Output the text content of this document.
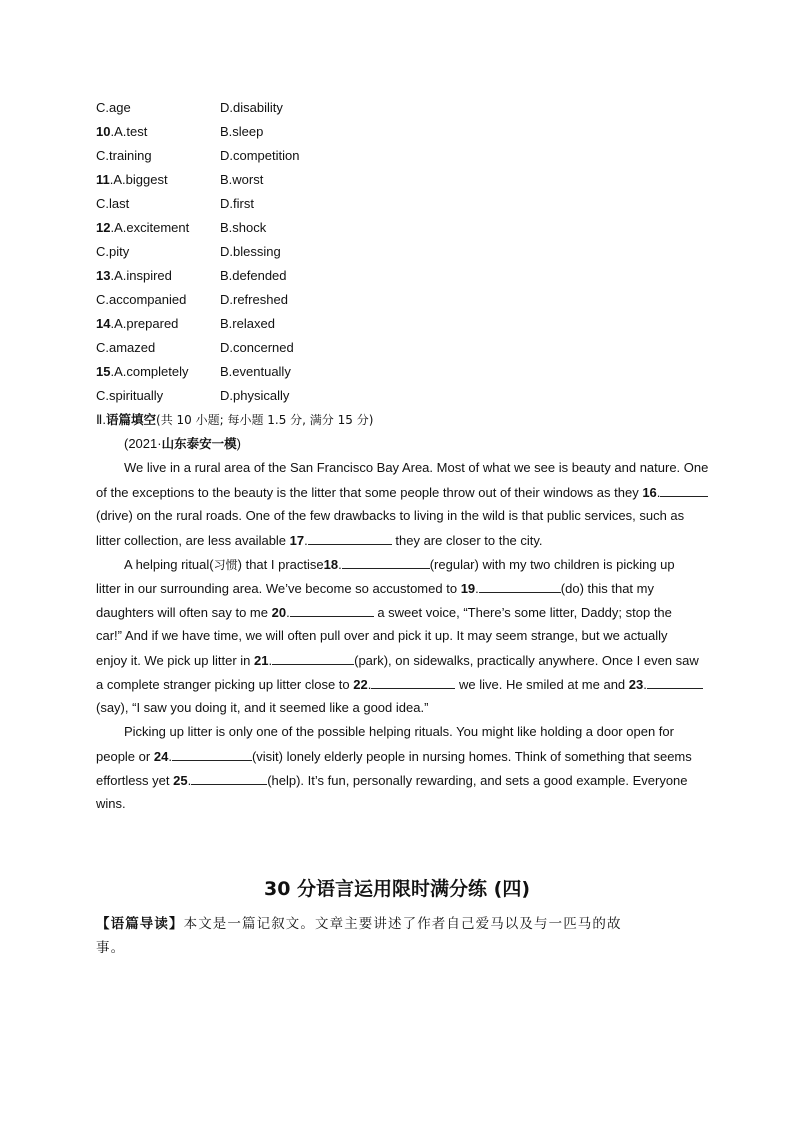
C.age	D.disability
10.A.test	B.sleep
C.training	D.competition
11.A.biggest	B.worst
C.last	D.first
12.A.excitement B.shock
C.pity	D.blessing
13.A.inspired	B.defended
C.accompanied	D.refreshed
14.A.prepared	B.relaxed
C.amazed	D.concerned
15.A.completely B.eventually
C.spiritually	D.physically
Ⅱ.语篇填空(共 10 小题; 每小题 1.5 分, 满分 15 分)
(2021·山东泰安一模)
We live in a rural area of the San Francisco Bay Area. Most of what we see is beauty and nature. One
of the exceptions to the beauty is the litter that some people throw out of their windows as they 16.
(drive) on the rural roads. One of the few drawbacks to living in the wild is that public services, such as
litter collection, are less available 17.	they are closer to the city.
A helping ritual(习惯) that I practise18.	(regular) with my two children is picking up
litter in our surrounding area. We’ve become so accustomed to 19.	(do) this that my
daughters will often say to me 20.	a sweet voice, “There’s some litter, Daddy; stop the
car!” And if we have time, we will often pull over and pick it up. It may seem strange, but we actually
enjoy it. We pick up litter in 21.	(park), on sidewalks, practically anywhere. Once I even saw
a complete stranger picking up litter close to 22.	we live. He smiled at me and 23.
(say), “I saw you doing it, and it seemed like a good idea.”
Picking up litter is only one of the possible helping rituals. You might like holding a door open for
people or 24.	(visit) lonely elderly people in nursing homes. Think of something that seems
effortless yet 25.	(help). It’s fun, personally rewarding, and sets a good example. Everyone
wins.
30 分语言运用限时满分练 (四)
【语篇导读】本文是一篇记叙文。文章主要讲述了作者自己爱马以及与一匹马的故
事。
